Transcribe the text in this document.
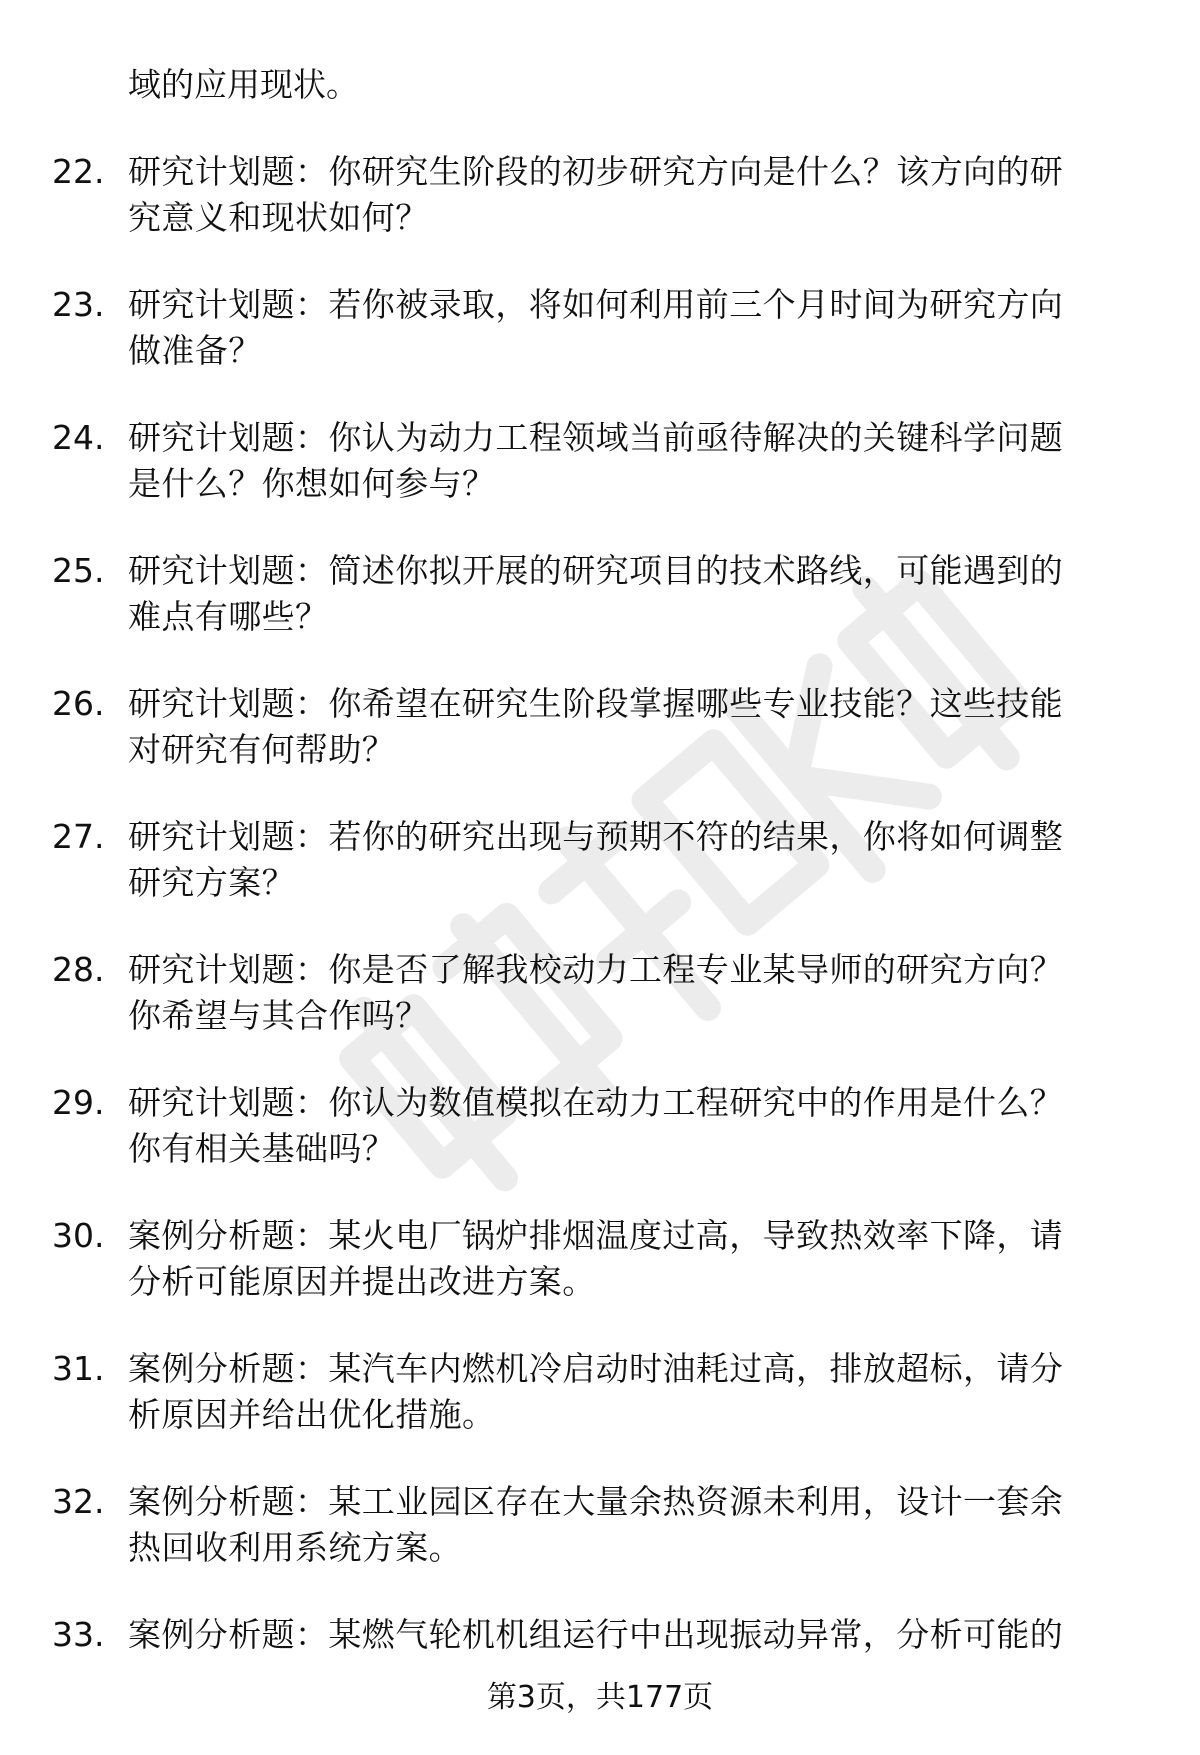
域的应用现状。
22. 研究计划题：你研究生阶段的初步研究方向是什么？该方向的研
究意义和现状如何？
23. 研究计划题：若你被录取，将如何利用前三个月时间为研究方向
做准备？
24. 研究计划题：你认为动力工程领域当前亟待解决的关键科学问题
是什么？你想如何参与？
25. 研究计划题：简述你拟开展的研究项目的技术路线，可能遇到的
难点有哪些？
26. 研究计划题：你希望在研究生阶段掌握哪些专业技能？这些技能
对研究有何帮助？
27. 研究计划题：若你的研究出现与预期不符的结果，你将如何调整
研究方案？
28. 研究计划题：你是否了解我校动力工程专业某导师的研究方向？
你希望与其合作吗？
29. 研究计划题：你认为数值模拟在动力工程研究中的作用是什么？
你有相关基础吗？
30. 案例分析题：某火电厂锅炉排烟温度过高，导致热效率下降，请
分析可能原因并提出改进方案。
31. 案例分析题：某汽车内燃机冷启动时油耗过高，排放超标，请分
析原因并给出优化措施。
32. 案例分析题：某工业园区存在大量余热资源未利用，设计一套余
热回收利用系统方案。
33. 案例分析题：某燃气轮机机组运行中出现振动异常，分析可能的
第3页，共177页
